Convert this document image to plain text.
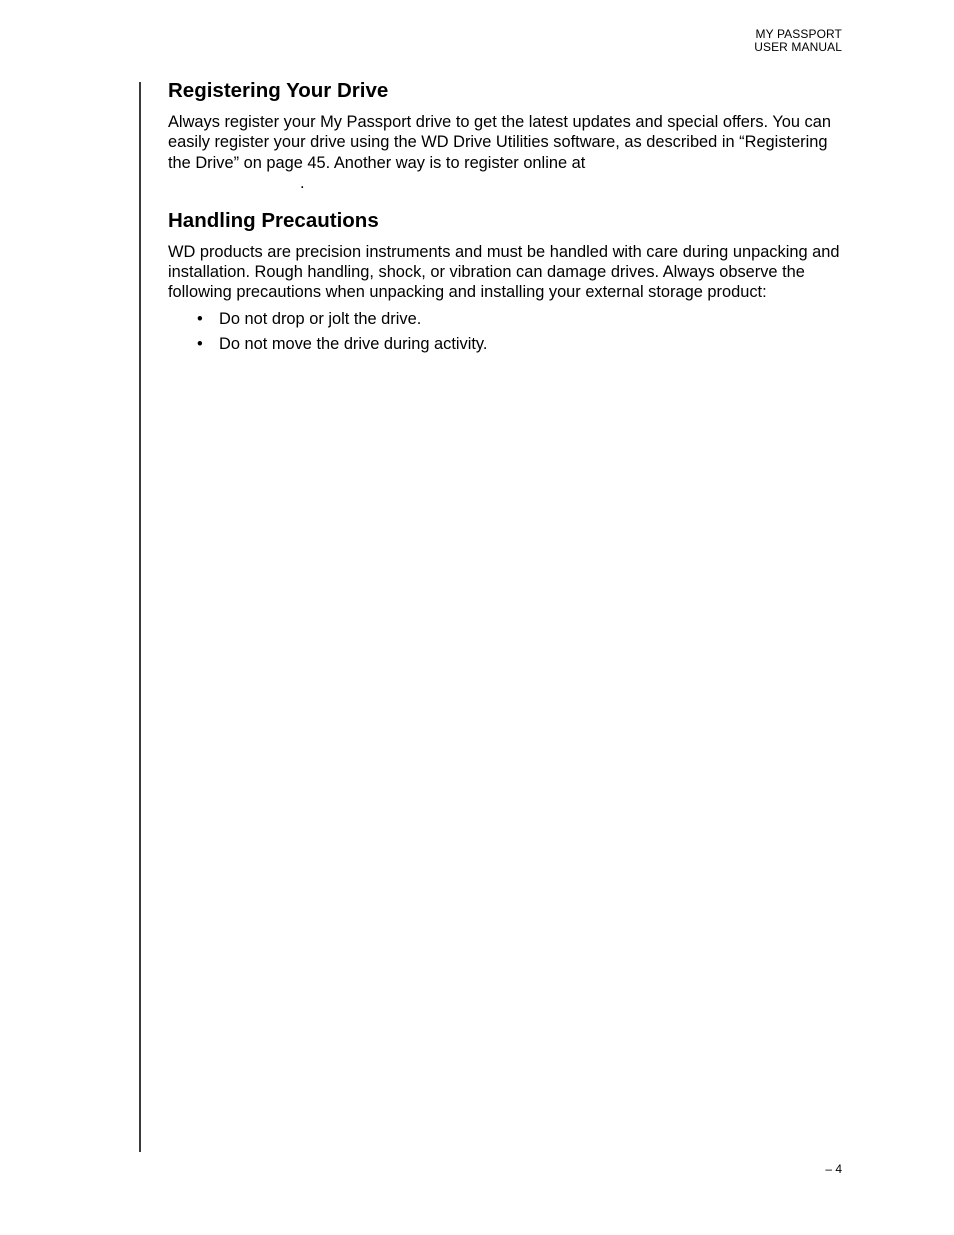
MY PASSPORT
USER MANUAL
Registering Your Drive

Always register your My Passport drive to get the latest updates and special offers. You can easily register your drive using the WD Drive Utilities software, as described in “Registering the Drive” on page 45. Another way is to register online at
.

Handling Precautions

WD products are precision instruments and must be handled with care during unpacking and installation. Rough handling, shock, or vibration can damage drives. Always observe the following precautions when unpacking and installing your external storage product:

• Do not drop or jolt the drive.
• Do not move the drive during activity.
– 4
